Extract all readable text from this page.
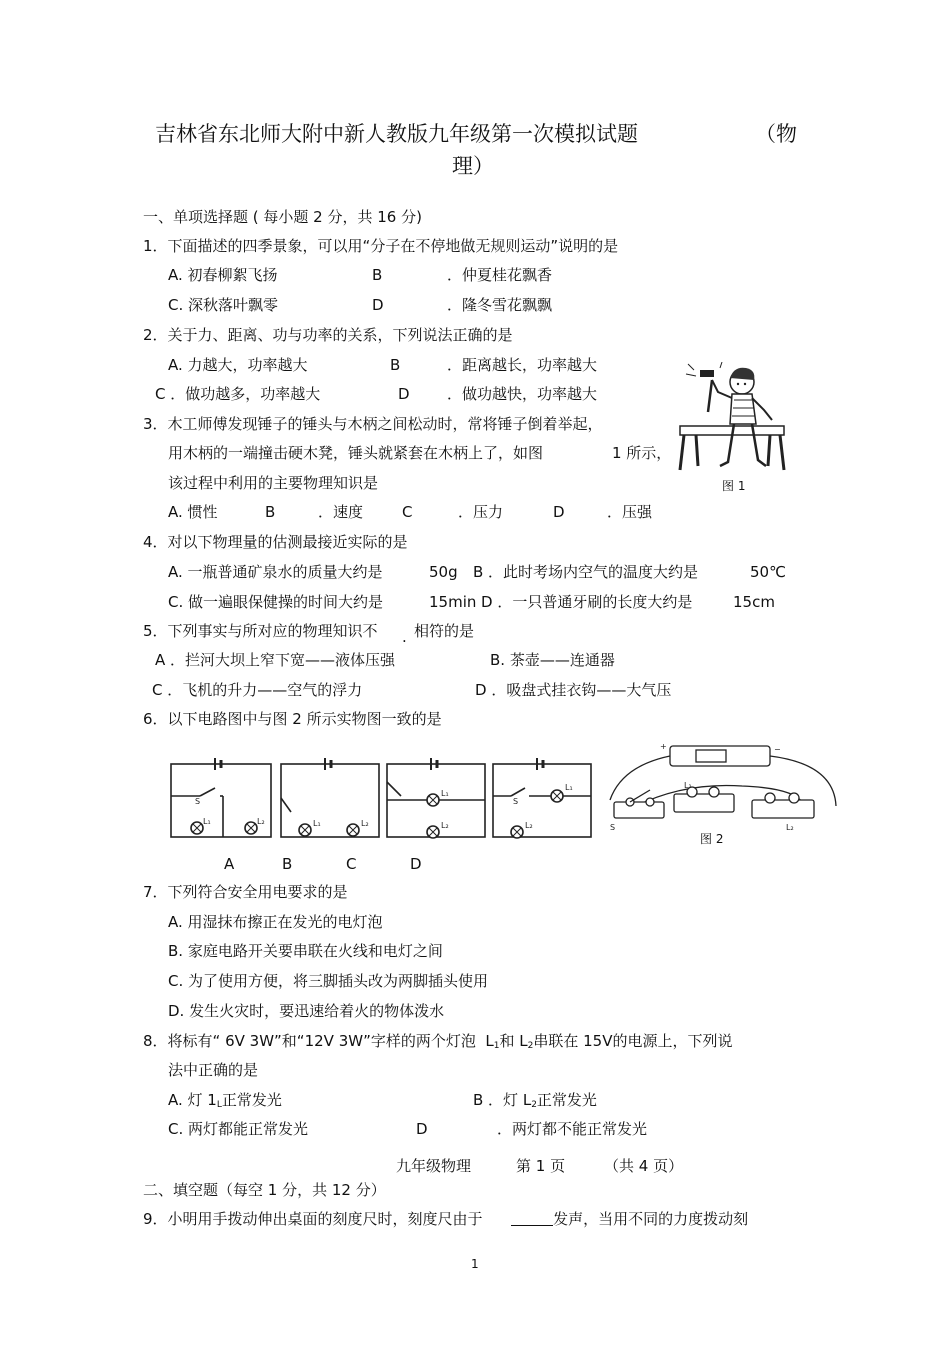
吉林省东北师大附中新人教版九年级第一次模拟试题	（物
理）
一、单项选择题 ( 每小题 2 分，共 16 分)
1．下面描述的四季景象，可以用“分子在不停地做无规则运动”说明的是
A. 初春柳絮飞扬	B	．仲夏桂花飘香
C. 深秋落叶飘零	D	．隆冬雪花飘飘
2．关于力、距离、功与功率的关系，下列说法正确的是
A. 力越大，功率越大	B	．距离越长，功率越大
C ．做功越多，功率越大	D ．做功越快，功率越大
3．木工师傅发现锤子的锤头与木柄之间松动时，常将锤子倒着举起，
用木柄的一端撞击硬木凳，锤头就紧套在木柄上了，如图	1 所示，
该过程中利用的主要物理知识是
A. 惯性	B	．速度	C	．压力	D	．压强
图 1
4．对以下物理量的估测最接近实际的是
A. 一瓶普通矿泉水的质量大约是	50g B ．此时考场内空气的温度大约是	50℃
C. 做一遍眼保健操的时间大约是	15min D ．一只普通牙刷的长度大约是	15cm
5．下列事实与所对应的物理知识不 . 相符的是
A ．拦河大坝上窄下宽——液体压强	B. 茶壶——连通器
C ．飞机的升力——空气的浮力	D ．吸盘式挂衣钩——大气压
6．以下电路图中与图 2 所示实物图一致的是
S
L₁	L₂	L₁	L₂
L₁
L₂
S
L₁
L₂
+	−
S
L₁
L₂
图 2
A	B	C	D
7．下列符合安全用电要求的是
A. 用湿抹布擦正在发光的电灯泡
B. 家庭电路开关要串联在火线和电灯之间
C. 为了使用方便，将三脚插头改为两脚插头使用
D. 发生火灾时，要迅速给着火的物体泼水
8．将标有“ 6V 3W”和“12V 3W”字样的两个灯泡 $L_1$和 $L_2$串联在 15V的电源上，下列说
法中正确的是
A. 灯 $1_L$正常发光	B ．灯 $L_2$正常发光
C. 两灯都能正常发光	D	．两灯都不能正常发光
九年级物理	第 1 页	（共 4 页）
二、填空题（每空 1 分，共 12 分）
9．小明用手拨动伸出桌面的刻度尺时，刻度尺由于	发声，当用不同的力度拨动刻
1
